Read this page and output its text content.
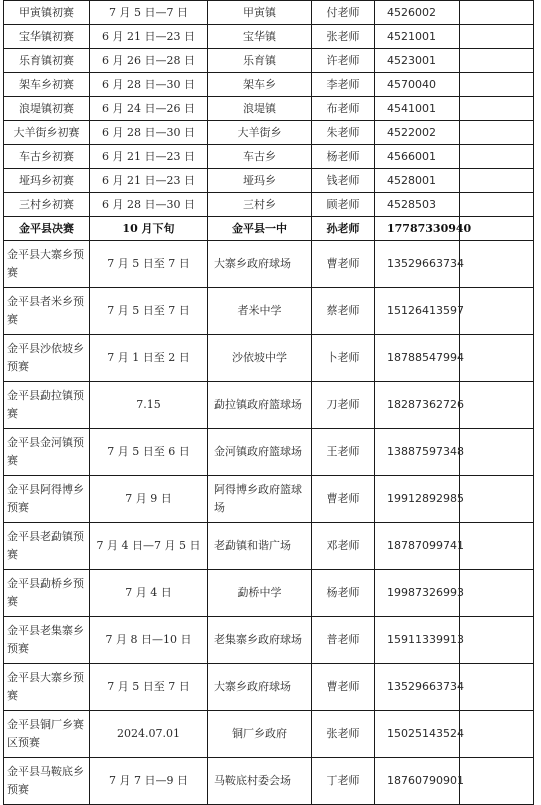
甲寅镇初赛	7 月 5 日—7 日	甲寅镇	付老师	4526002	
宝华镇初赛	6 月 21 日—23 日	宝华镇	张老师	4521001	
乐育镇初赛	6 月 26 日—28 日	乐育镇	许老师	4523001	
架车乡初赛	6 月 28 日—30 日	架车乡	李老师	4570040	
浪堤镇初赛	6 月 24 日—26 日	浪堤镇	布老师	4541001	
大羊街乡初赛	6 月 28 日—30 日	大羊街乡	朱老师	4522002	
车古乡初赛	6 月 21 日—23 日	车古乡	杨老师	4566001	
垭玛乡初赛	6 月 21 日—23 日	垭玛乡	钱老师	4528001	
三村乡初赛	6 月 28 日—30 日	三村乡	顾老师	4528503	
金平县决赛	10 月下旬	金平县一中	孙老师	17787330940	
金平县大寨乡预赛	7 月 5 日至 7 日	大寨乡政府球场	曹老师	13529663734	
金平县者米乡预赛	7 月 5 日至 7 日	者米中学	蔡老师	15126413597	
金平县沙依坡乡预赛	7 月 1 日至 2 日	沙依坡中学	卜老师	18788547994	
金平县勐拉镇预赛	7.15	勐拉镇政府篮球场	刀老师	18287362726	
金平县金河镇预赛	7 月 5 日至 6 日	金河镇政府篮球场	王老师	13887597348	
金平县阿得博乡预赛	7 月 9 日	阿得博乡政府篮球场	曹老师	19912892985	
金平县老勐镇预赛	7 月 4 日—7 月 5 日	老勐镇和谐广场	邓老师	18787099741	
金平县勐桥乡预赛	7 月 4 日	勐桥中学	杨老师	19987326993	
金平县老集寨乡预赛	7 月 8 日—10 日	老集寨乡政府球场	普老师	15911339913	
金平县大寨乡预赛	7 月 5 日至 7 日	大寨乡政府球场	曹老师	13529663734	
金平县铜厂乡赛区预赛	2024.07.01	铜厂乡政府	张老师	15025143524	
金平县马鞍底乡预赛	7 月 7 日—9 日	马鞍底村委会场	丁老师	18760790901	
